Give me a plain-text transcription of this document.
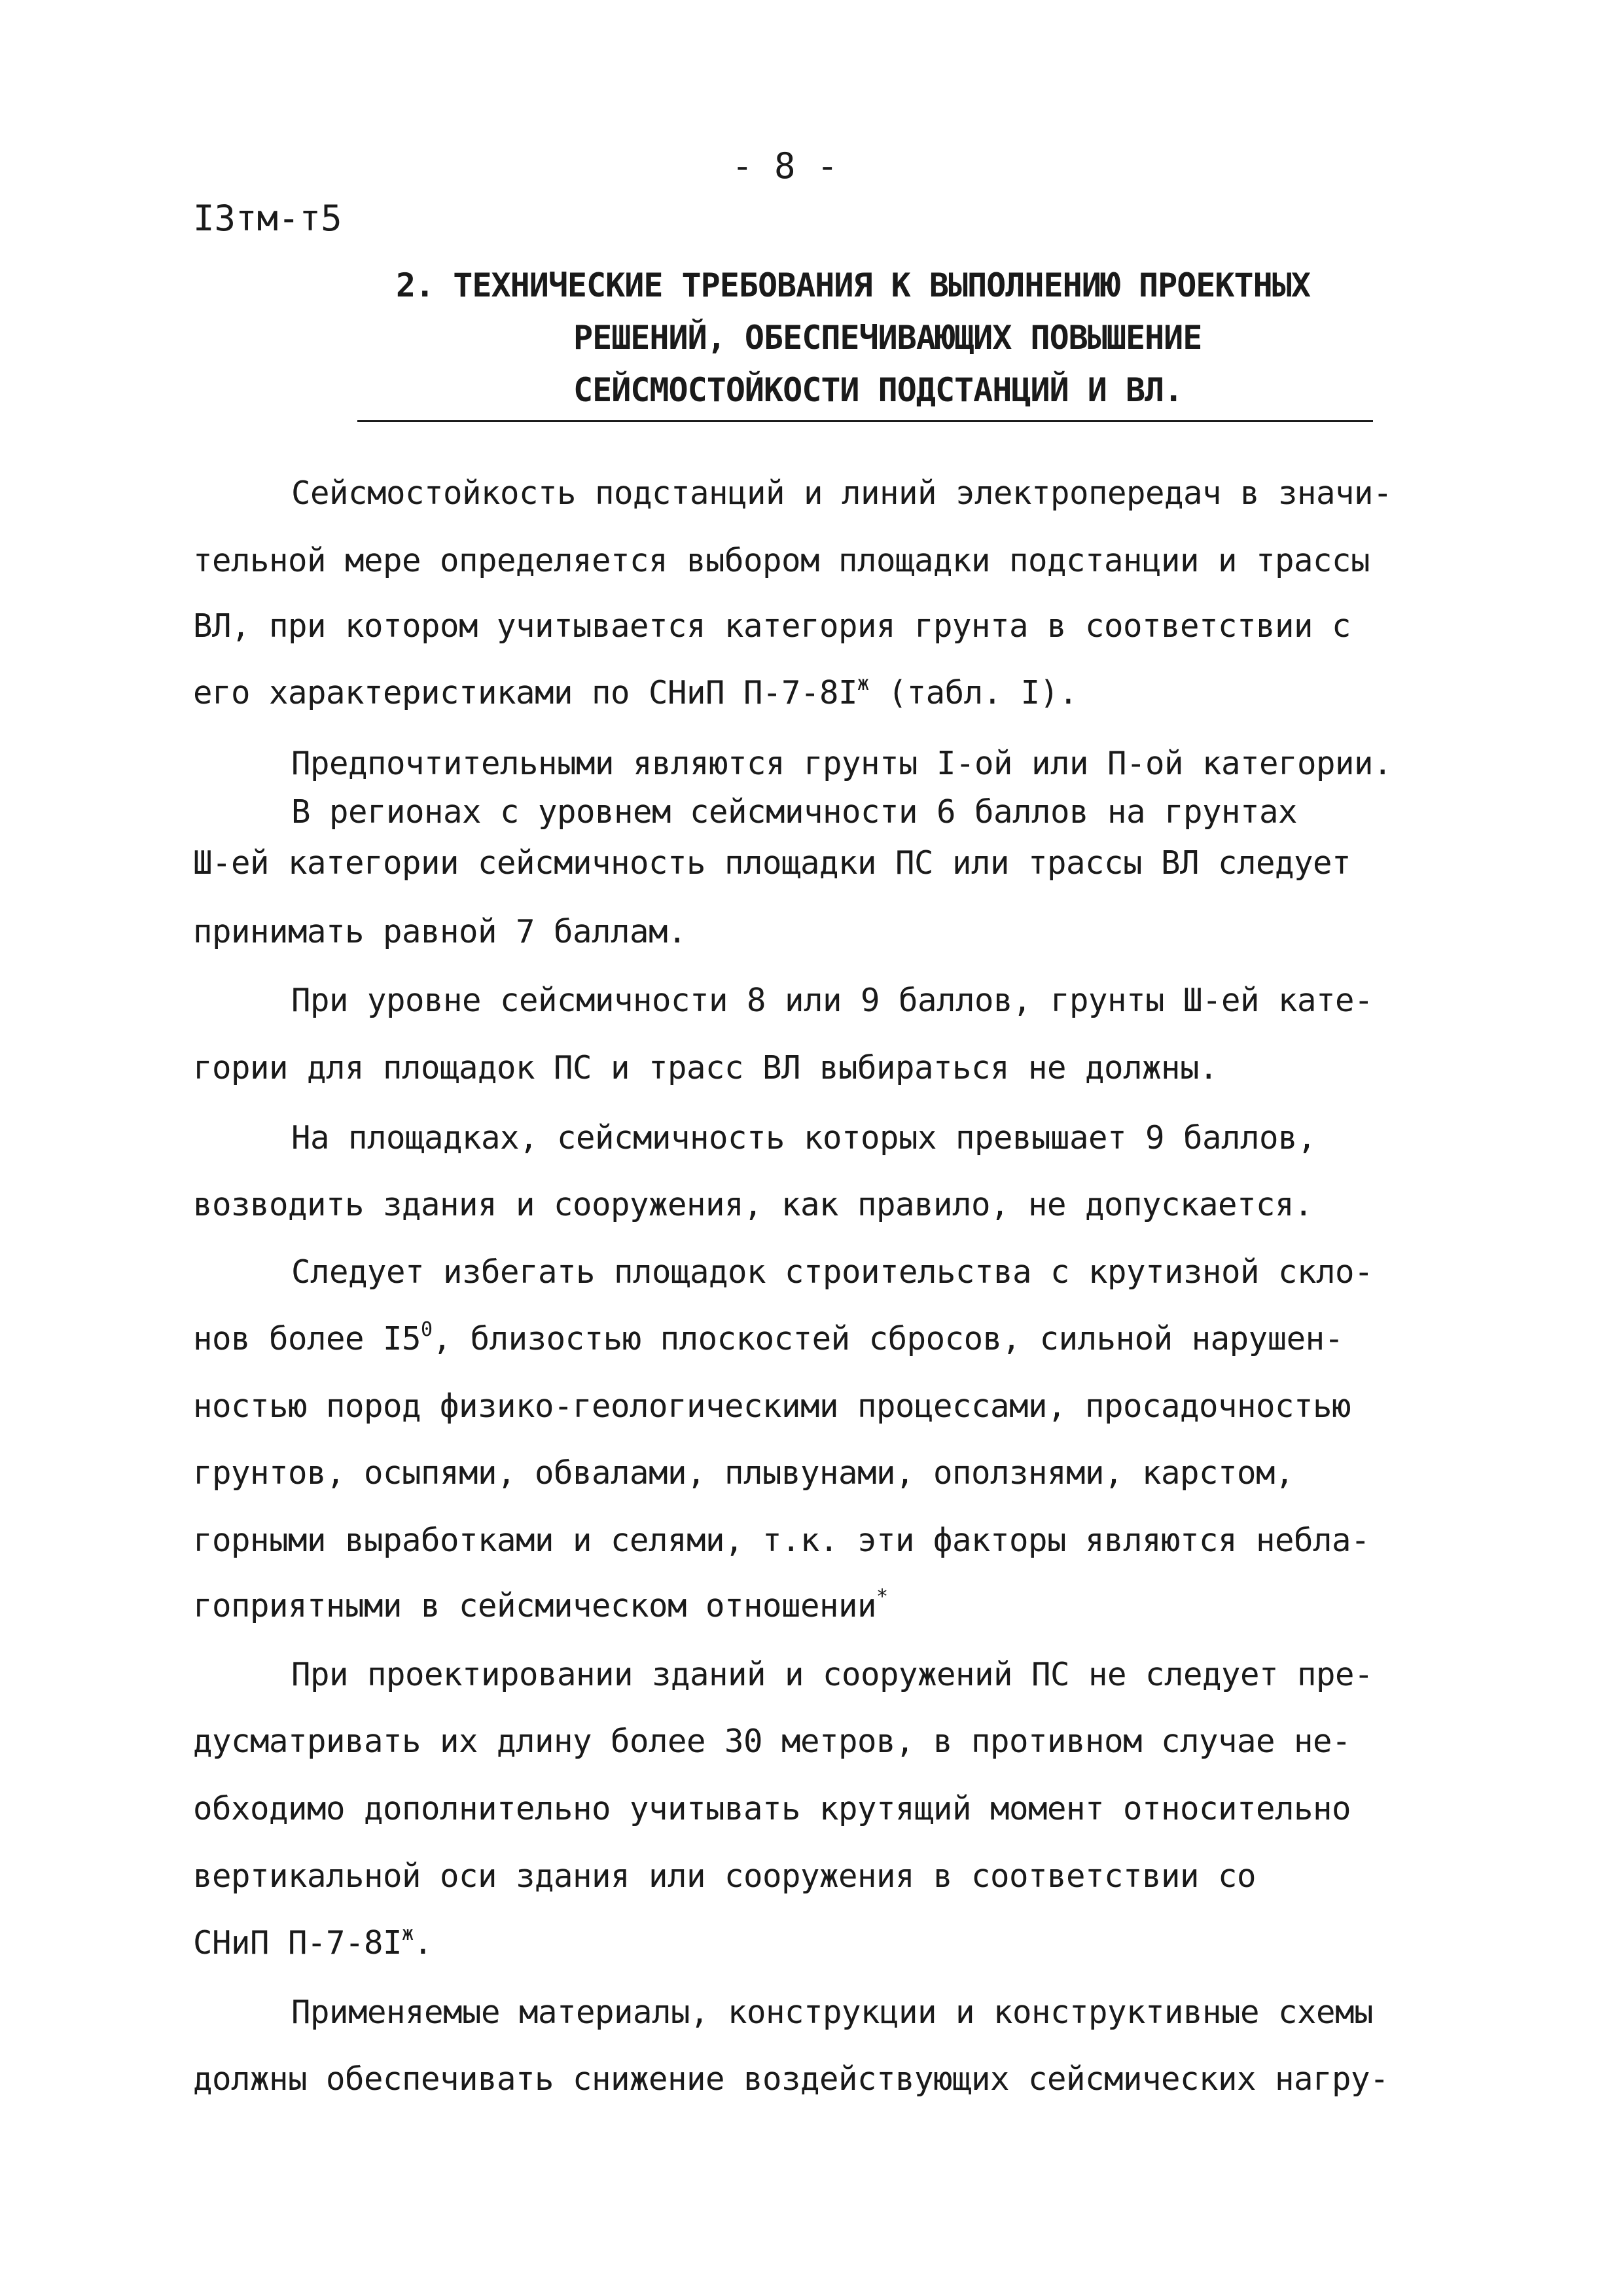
- 8 -
I3тм-т5
2. ТЕХНИЧЕСКИЕ ТРЕБОВАНИЯ К ВЫПОЛНЕНИЮ ПРОЕКТНЫХ
РЕШЕНИЙ, ОБЕСПЕЧИВАЮЩИХ ПОВЫШЕНИЕ
СЕЙСМОСТОЙКОСТИ ПОДСТАНЦИЙ И ВЛ.
Сейсмостойкость подстанций и линий электропередач в значи-
тельной мере определяется выбором площадки подстанции и трассы
ВЛ, при котором учитывается категория грунта в соответствии с
его характеристиками по СНиП $П-7-8I^ж$ (табл. I).
Предпочтительными являются грунты I-ой или П-ой категории.
В регионах с уровнем сейсмичности 6 баллов на грунтах
Ш-ей категории сейсмичность площадки ПС или трассы ВЛ следует
принимать равной 7 баллам.
При уровне сейсмичности 8 или 9 баллов, грунты Ш-ей кате-
гории для площадок ПС и трасс ВЛ выбираться не должны.
На площадках, сейсмичность которых превышает 9 баллов,
возводить здания и сооружения, как правило, не допускается.
Следует избегать площадок строительства с крутизной скло-
нов более $I5^0$, близостью плоскостей сбросов, сильной нарушен-
ностью пород физико-геологическими процессами, просадочностью
грунтов, осыпями, обвалами, плывунами, оползнями, карстом,
горными выработками и селями, т.к. эти факторы являются небла-
гоприятными в сейсмическом отношении*
При проектировании зданий и сооружений ПС не следует пре-
дусматривать их длину более 30 метров, в противном случае не-
обходимо дополнительно учитывать крутящий момент относительно
вертикальной оси здания или сооружения в соответствии со
СНиП $П-7-8I^ж$.
Применяемые материалы, конструкции и конструктивные схемы
должны обеспечивать снижение воздействующих сейсмических нагру-
